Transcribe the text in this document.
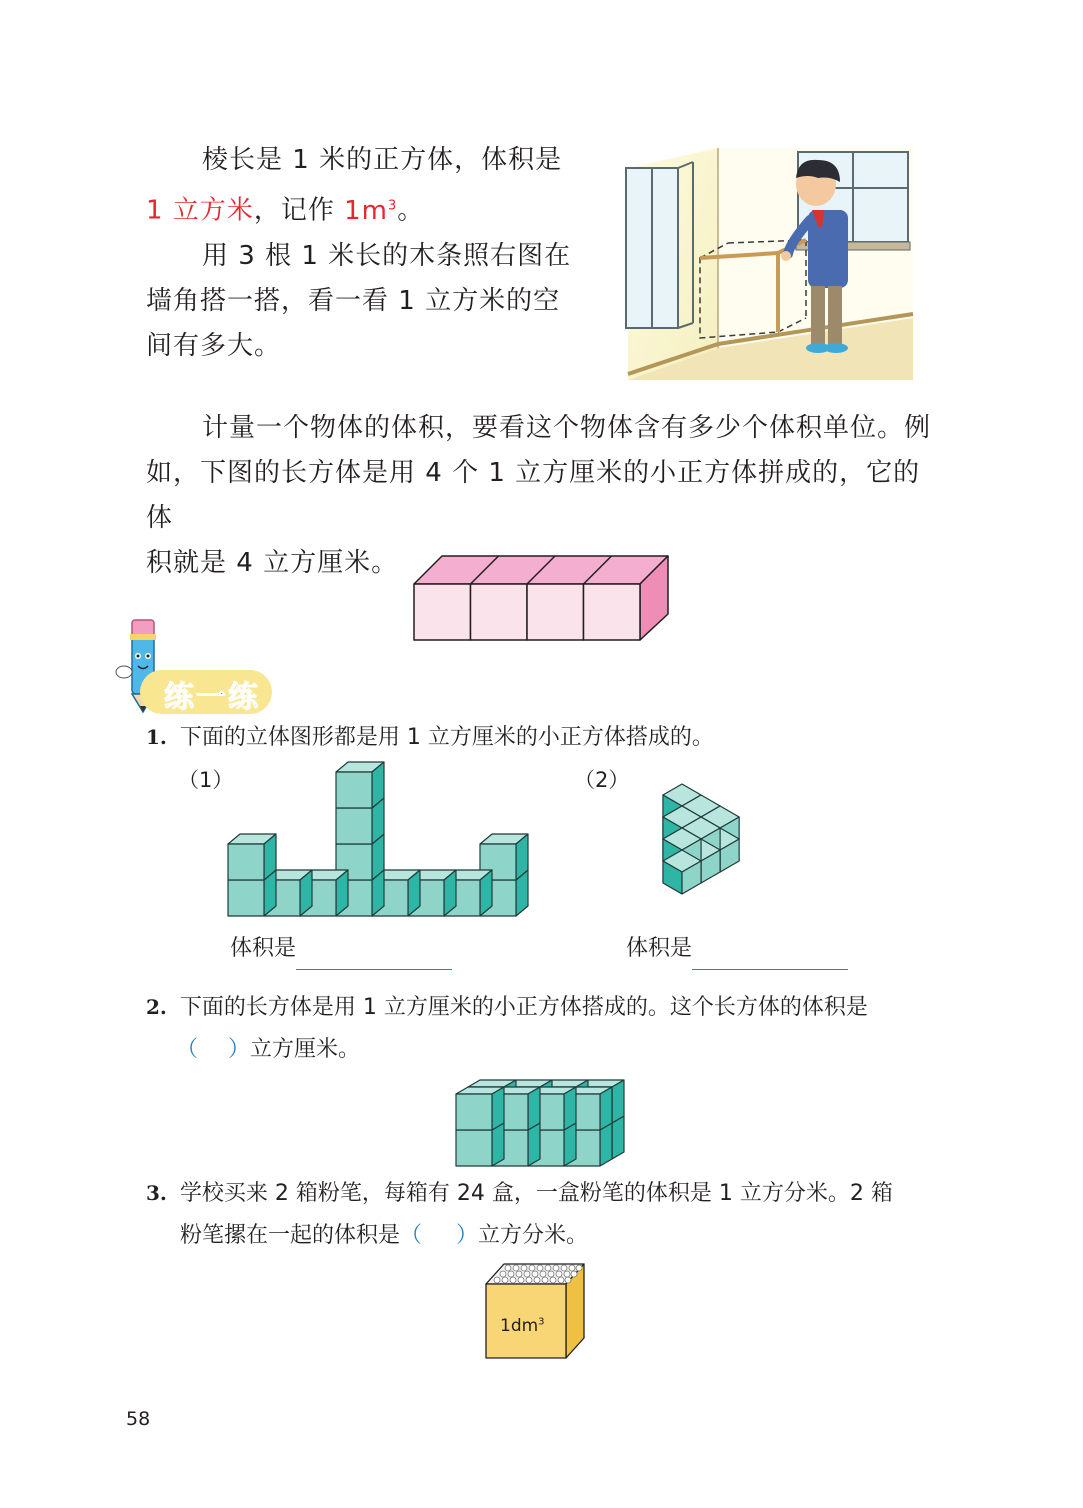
棱长是 1 米的正方体，体积是
1 立方米，记作 $1m^3$。
用 3 根 1 米长的木条照右图在
墙角搭一搭，看一看 1 立方米的空
间有多大。
计量一个物体的体积，要看这个物体含有多少个体积单位。例
如，下图的长方体是用 4 个 1 立方厘米的小正方体拼成的，它的体
积就是 4 立方厘米。
练一练
1. 下面的立体图形都是用 1 立方厘米的小正方体搭成的。
（1）	（2）
体积是	体积是
2. 下面的长方体是用 1 立方厘米的小正方体搭成的。这个长方体的体积是
（ ）立方厘米。
3. 学校买来 2 箱粉笔，每箱有 24 盒，一盒粉笔的体积是 1 立方分米。2 箱
粉笔摞在一起的体积是（ ）立方分米。
$1dm^3$
58
